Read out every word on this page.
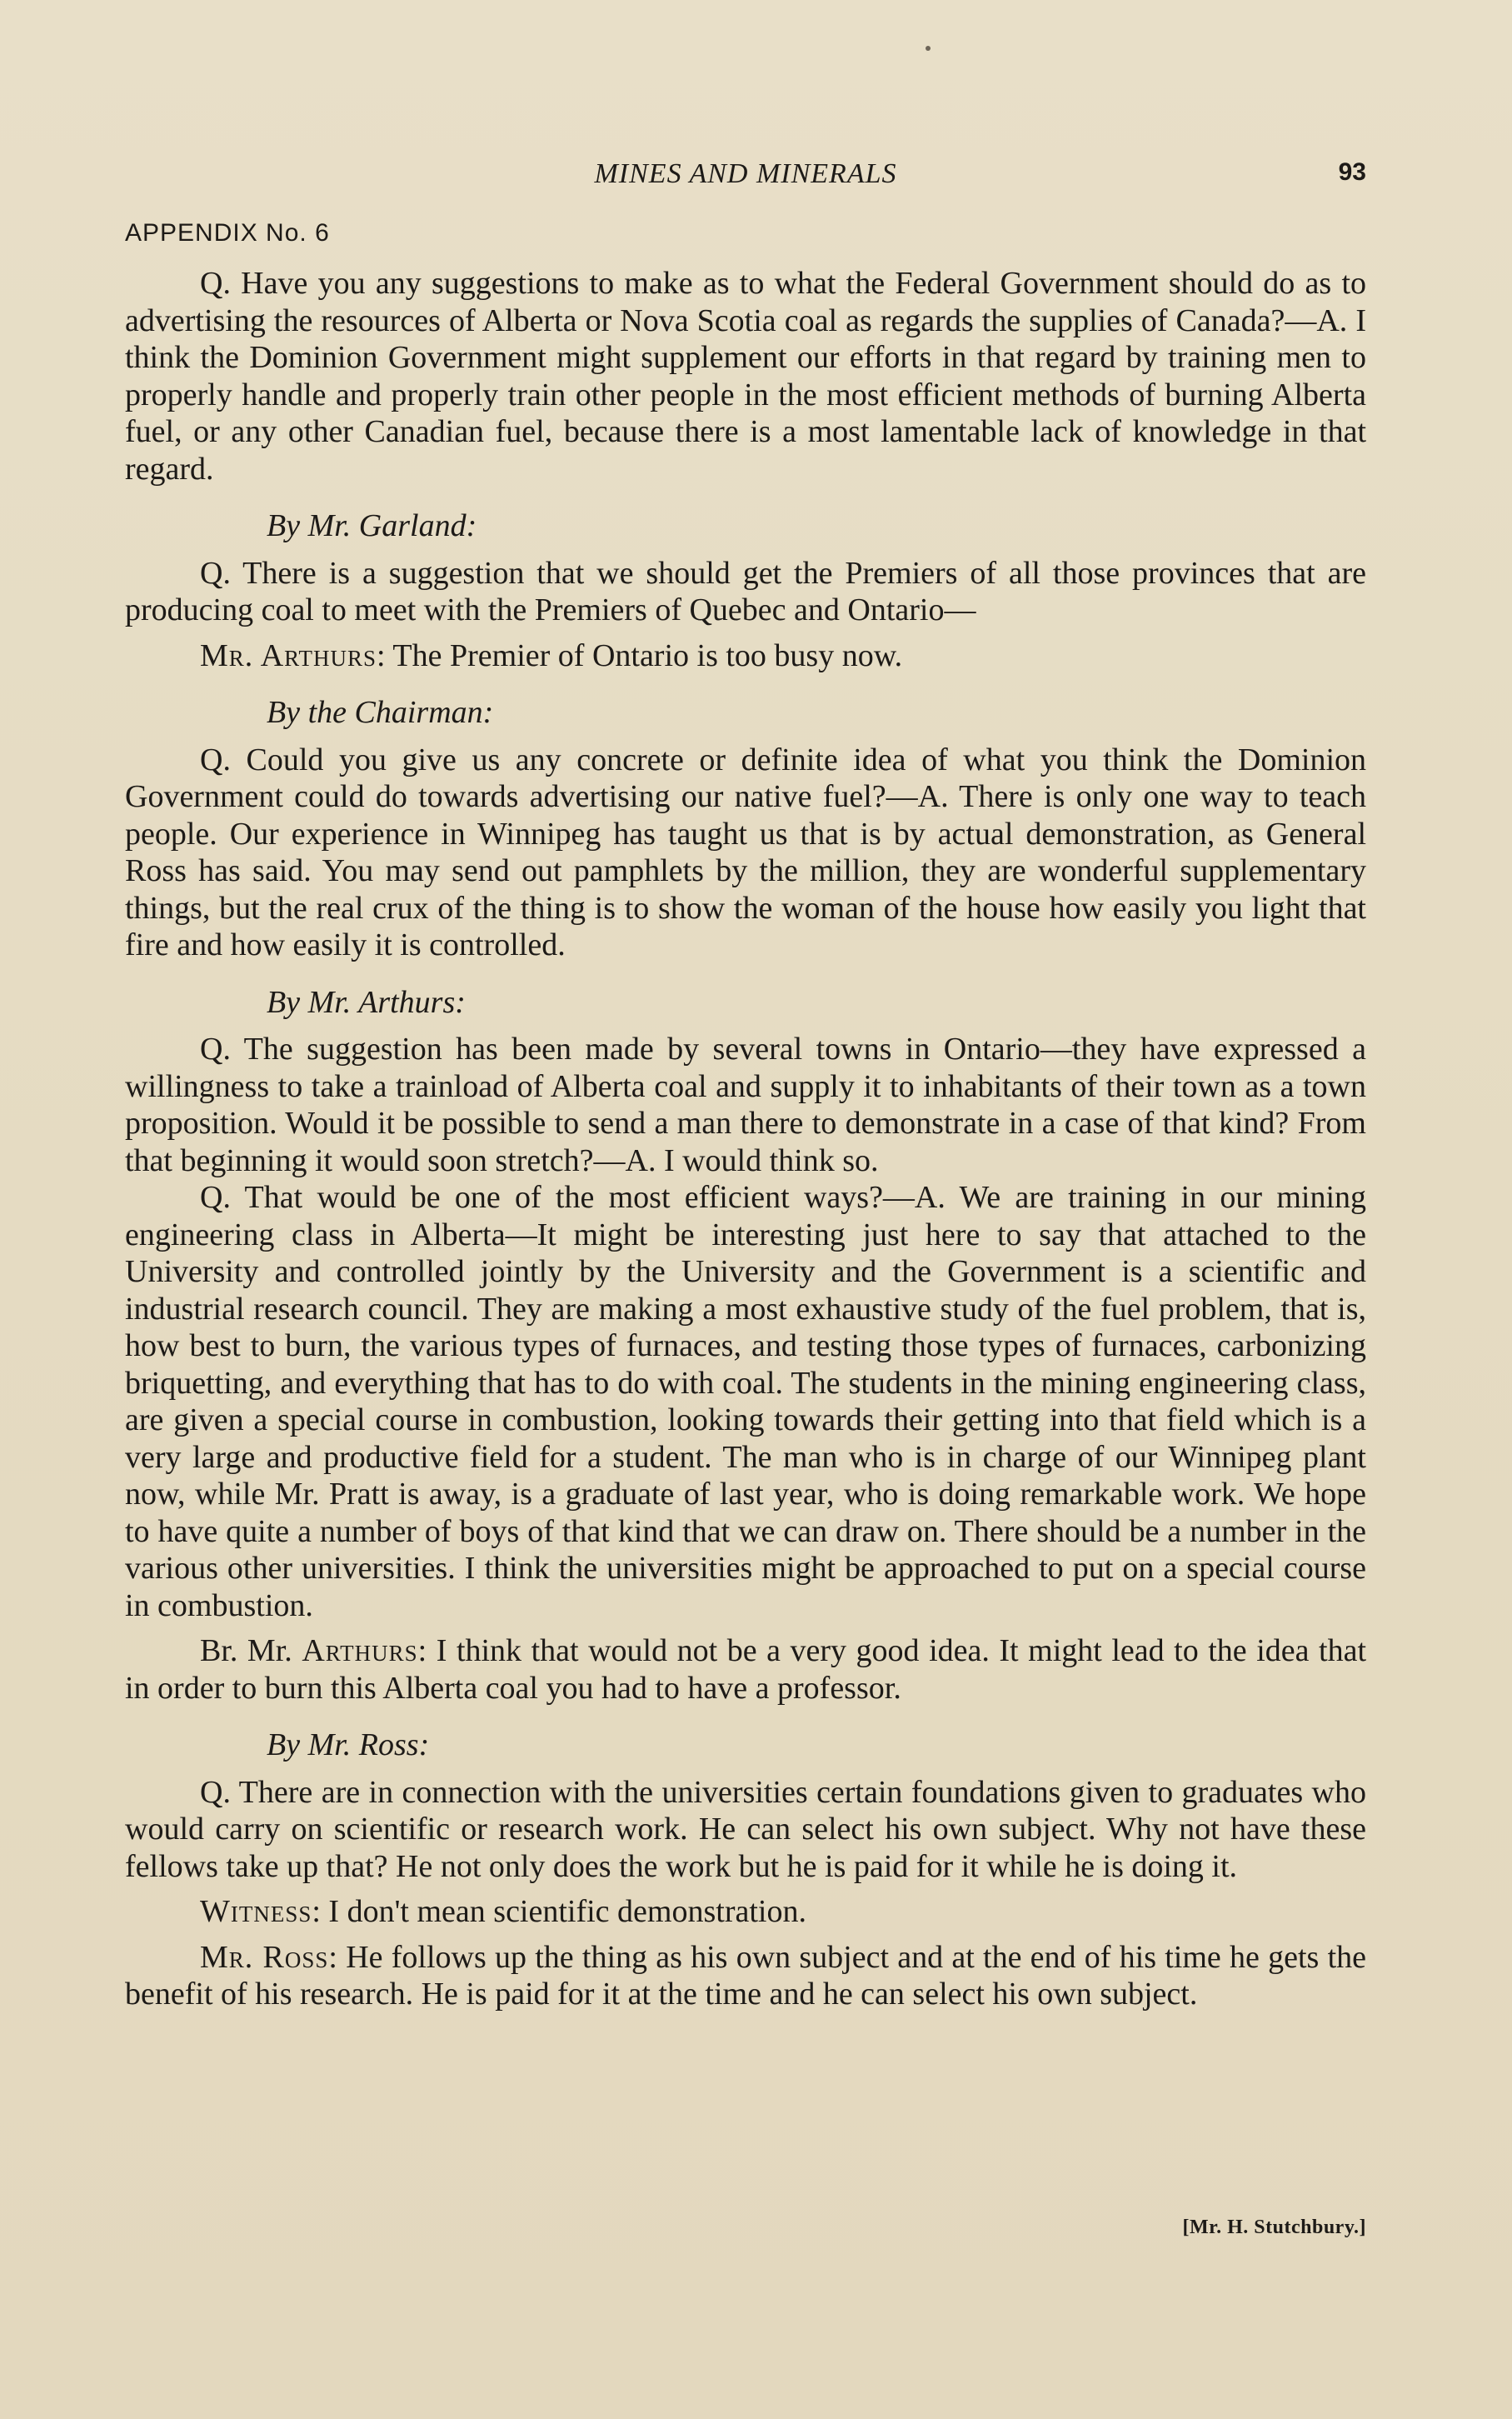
MINES AND MINERALS	93
APPENDIX No. 6

Q. Have you any suggestions to make as to what the Federal Government should do as to advertising the resources of Alberta or Nova Scotia coal as regards the supplies of Canada?—A. I think the Dominion Government might supplement our efforts in that regard by training men to properly handle and properly train other people in the most efficient methods of burning Alberta fuel, or any other Canadian fuel, because there is a most lamentable lack of knowledge in that regard.

By Mr. Garland:

Q. There is a suggestion that we should get the Premiers of all those provinces that are producing coal to meet with the Premiers of Quebec and Ontario—

Mr. Arthurs: The Premier of Ontario is too busy now.

By the Chairman:

Q. Could you give us any concrete or definite idea of what you think the Dominion Government could do towards advertising our native fuel?—A. There is only one way to teach people. Our experience in Winnipeg has taught us that is by actual demonstration, as General Ross has said. You may send out pamphlets by the million, they are wonderful supplementary things, but the real crux of the thing is to show the woman of the house how easily you light that fire and how easily it is controlled.

By Mr. Arthurs:

Q. The suggestion has been made by several towns in Ontario—they have expressed a willingness to take a trainload of Alberta coal and supply it to inhabitants of their town as a town proposition. Would it be possible to send a man there to demonstrate in a case of that kind? From that beginning it would soon stretch?—A. I would think so.

Q. That would be one of the most efficient ways?—A. We are training in our mining engineering class in Alberta—It might be interesting just here to say that attached to the University and controlled jointly by the University and the Government is a scientific and industrial research council. They are making a most exhaustive study of the fuel problem, that is, how best to burn, the various types of furnaces, and testing those types of furnaces, carbonizing briquetting, and everything that has to do with coal. The students in the mining engineering class, are given a special course in combustion, looking towards their getting into that field which is a very large and productive field for a student. The man who is in charge of our Winnipeg plant now, while Mr. Pratt is away, is a graduate of last year, who is doing remarkable work. We hope to have quite a number of boys of that kind that we can draw on. There should be a number in the various other universities. I think the universities might be approached to put on a special course in combustion.

Br. Mr. Arthurs: I think that would not be a very good idea. It might lead to the idea that in order to burn this Alberta coal you had to have a professor.

By Mr. Ross:

Q. There are in connection with the universities certain foundations given to graduates who would carry on scientific or research work. He can select his own subject. Why not have these fellows take up that? He not only does the work but he is paid for it while he is doing it.

Witness: I don't mean scientific demonstration.

Mr. Ross: He follows up the thing as his own subject and at the end of his time he gets the benefit of his research. He is paid for it at the time and he can select his own subject.

[Mr. H. Stutchbury.]
